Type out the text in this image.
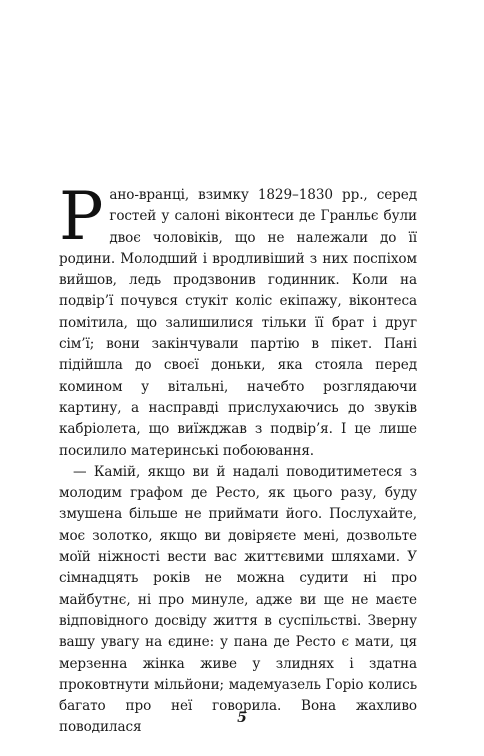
Рано-вранці, взимку 1829–1830 рр., серед гостей у салоні віконтеси де Гранльє були двоє чоловіків, що не належали до її родини. Молодший і вродливіший з них поспіхом вийшов, ледь продзвонив годинник. Коли на подвір’ї почувся стукіт коліс екіпажу, віконтеса помітила, що залишилися тільки її брат і друг сім’ї; вони закінчували партію в пікет. Пані підійшла до своєї доньки, яка стояла перед комином у вітальні, начебто розглядаючи картину, а насправді прислухаючись до звуків кабріолета, що виїжджав з подвір’я. І це лише посилило материнські побоювання.

— Камій, якщо ви й надалі поводитиметеся з молодим графом де Ресто, як цього разу, буду змушена більше не приймати його. Послухайте, моє золотко, якщо ви довіряєте мені, дозвольте моїй ніжності вести вас життєвими шляхами. У сімнадцять років не можна судити ні про майбутнє, ні про минуле, адже ви ще не маєте відповідного досвіду життя в суспільстві. Зверну вашу увагу на єдине: у пана де Ресто є мати, ця мерзенна жінка живе у злиднях і здатна проковтнути мільйони; мадемуазель Горіо колись багато про неї говорила. Вона жахливо поводилася

5
